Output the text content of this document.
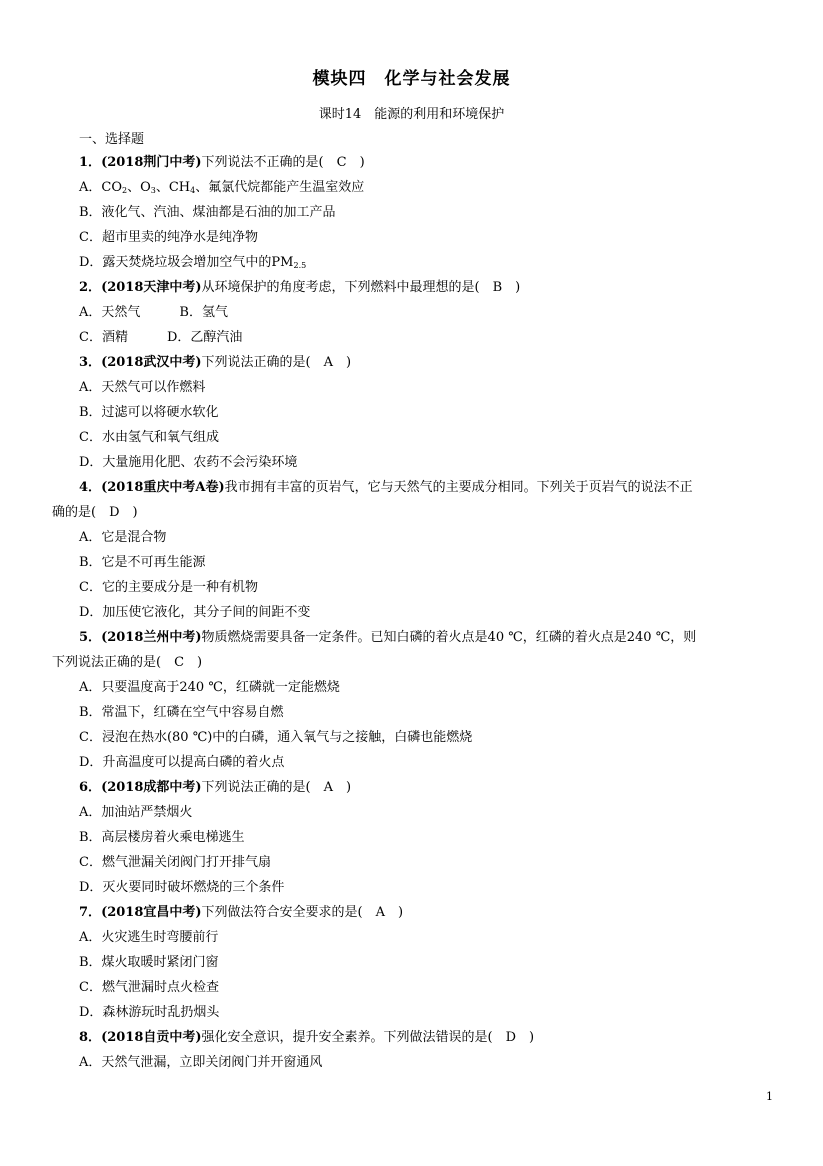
模块四　化学与社会发展
课时14　能源的利用和环境保护
一、选择题
1．(2018荆门中考)下列说法不正确的是(　C　)
A．$CO_2$、$O_3$、$CH_4$、氟氯代烷都能产生温室效应
B．液化气、汽油、煤油都是石油的加工产品
C．超市里卖的纯净水是纯净物
D．露天焚烧垃圾会增加空气中的$PM_{2.5}$
2．(2018天津中考)从环境保护的角度考虑，下列燃料中最理想的是(　B　)
A．天然气　　　B．氢气
C．酒精　　　D．乙醇汽油
3．(2018武汉中考)下列说法正确的是(　A　)
A．天然气可以作燃料
B．过滤可以将硬水软化
C．水由氢气和氧气组成
D．大量施用化肥、农药不会污染环境
4．(2018重庆中考A卷)我市拥有丰富的页岩气，它与天然气的主要成分相同。下列关于页岩气的说法不正
确的是(　D　)
A．它是混合物
B．它是不可再生能源
C．它的主要成分是一种有机物
D．加压使它液化，其分子间的间距不变
5．(2018兰州中考)物质燃烧需要具备一定条件。已知白磷的着火点是40 ℃，红磷的着火点是240 ℃，则
下列说法正确的是(　C　)
A．只要温度高于240 ℃，红磷就一定能燃烧
B．常温下，红磷在空气中容易自燃
C．浸泡在热水(80 ℃)中的白磷，通入氧气与之接触，白磷也能燃烧
D．升高温度可以提高白磷的着火点
6．(2018成都中考)下列说法正确的是(　A　)
A．加油站严禁烟火
B．高层楼房着火乘电梯逃生
C．燃气泄漏关闭阀门打开排气扇
D．灭火要同时破坏燃烧的三个条件
7．(2018宜昌中考)下列做法符合安全要求的是(　A　)
A．火灾逃生时弯腰前行
B．煤火取暖时紧闭门窗
C．燃气泄漏时点火检查
D．森林游玩时乱扔烟头
8．(2018自贡中考)强化安全意识，提升安全素养。下列做法错误的是(　D　)
A．天然气泄漏，立即关闭阀门并开窗通风
1
